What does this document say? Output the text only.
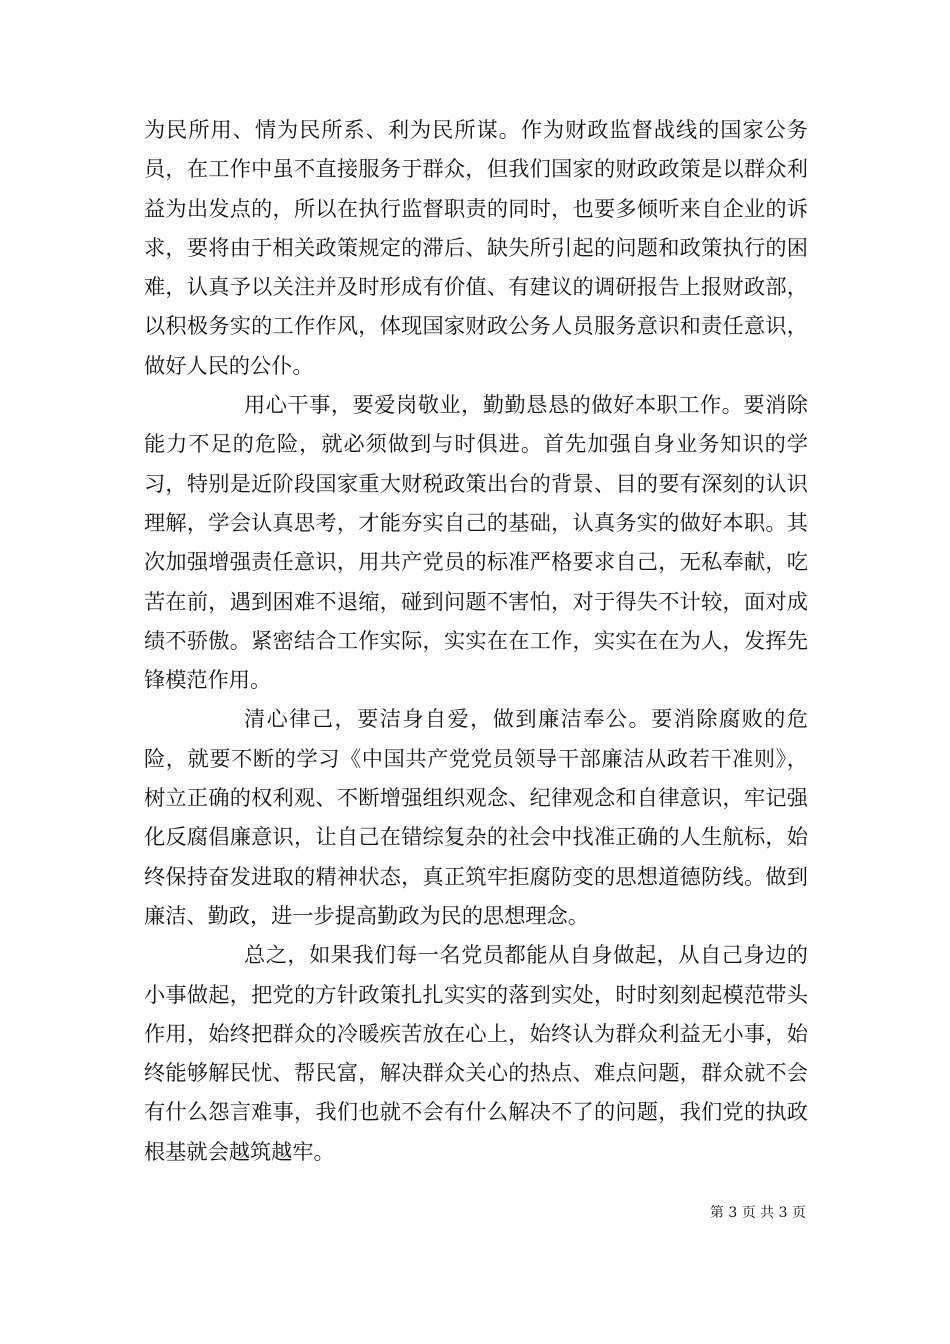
为民所用、情为民所系、利为民所谋。作为财政监督战线的国家公务员，在工作中虽不直接服务于群众，但我们国家的财政政策是以群众利益为出发点的，所以在执行监督职责的同时，也要多倾听来自企业的诉求，要将由于相关政策规定的滞后、缺失所引起的问题和政策执行的困难，认真予以关注并及时形成有价值、有建议的调研报告上报财政部，以积极务实的工作作风，体现国家财政公务人员服务意识和责任意识，做好人民的公仆。

用心干事，要爱岗敬业，勤勤恳恳的做好本职工作。要消除能力不足的危险，就必须做到与时俱进。首先加强自身业务知识的学习，特别是近阶段国家重大财税政策出台的背景、目的要有深刻的认识理解，学会认真思考，才能夯实自己的基础，认真务实的做好本职。其次加强增强责任意识，用共产党员的标准严格要求自己，无私奉献，吃苦在前，遇到困难不退缩，碰到问题不害怕，对于得失不计较，面对成绩不骄傲。紧密结合工作实际，实实在在工作，实实在在为人，发挥先锋模范作用。

清心律己，要洁身自爱，做到廉洁奉公。要消除腐败的危险，就要不断的学习《中国共产党党员领导干部廉洁从政若干准则》，树立正确的权利观、不断增强组织观念、纪律观念和自律意识，牢记强化反腐倡廉意识，让自己在错综复杂的社会中找准正确的人生航标，始终保持奋发进取的精神状态，真正筑牢拒腐防变的思想道德防线。做到廉洁、勤政，进一步提高勤政为民的思想理念。

总之，如果我们每一名党员都能从自身做起，从自己身边的小事做起，把党的方针政策扎扎实实的落到实处，时时刻刻起模范带头作用，始终把群众的冷暖疾苦放在心上，始终认为群众利益无小事，始终能够解民忧、帮民富，解决群众关心的热点、难点问题，群众就不会有什么怨言难事，我们也就不会有什么解决不了的问题，我们党的执政根基就会越筑越牢。

第 3 页 共 3 页
